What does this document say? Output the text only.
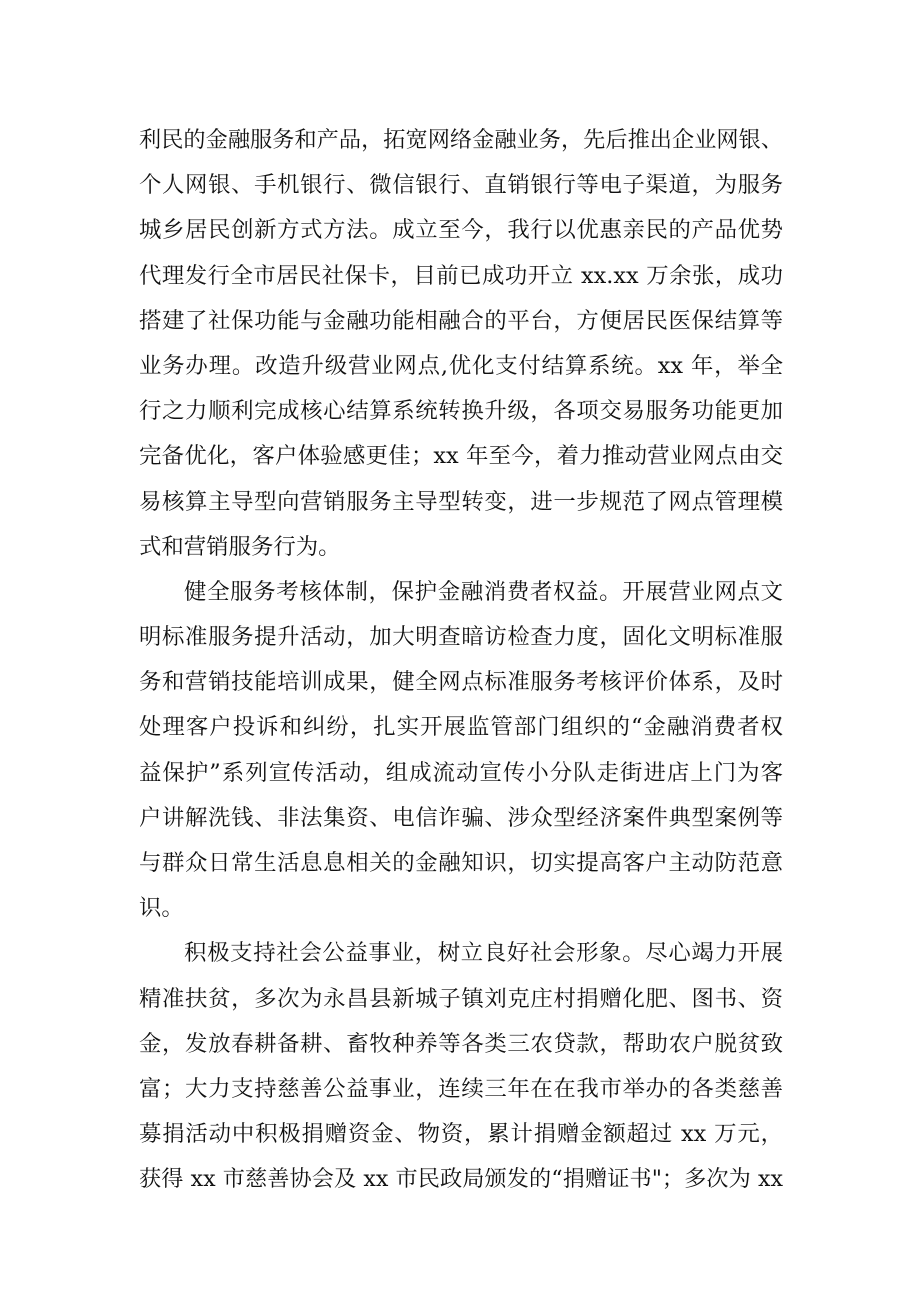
利民的金融服务和产品，拓宽网络金融业务，先后推出企业网银、
个人网银、手机银行、微信银行、直销银行等电子渠道，为服务
城乡居民创新方式方法。成立至今，我行以优惠亲民的产品优势
代理发行全市居民社保卡，目前已成功开立 xx.xx 万余张，成功
搭建了社保功能与金融功能相融合的平台，方便居民医保结算等
业务办理。改造升级营业网点,优化支付结算系统。xx 年，举全
行之力顺利完成核心结算系统转换升级，各项交易服务功能更加
完备优化，客户体验感更佳；xx 年至今，着力推动营业网点由交
易核算主导型向营销服务主导型转变，进一步规范了网点管理模
式和营销服务行为。
健全服务考核体制，保护金融消费者权益。开展营业网点文
明标准服务提升活动，加大明查暗访检查力度，固化文明标准服
务和营销技能培训成果，健全网点标准服务考核评价体系，及时
处理客户投诉和纠纷，扎实开展监管部门组织的“金融消费者权
益保护”系列宣传活动，组成流动宣传小分队走街进店上门为客
户讲解洗钱、非法集资、电信诈骗、涉众型经济案件典型案例等
与群众日常生活息息相关的金融知识，切实提高客户主动防范意
识。
积极支持社会公益事业，树立良好社会形象。尽心竭力开展
精准扶贫，多次为永昌县新城子镇刘克庄村捐赠化肥、图书、资
金，发放春耕备耕、畜牧种养等各类三农贷款，帮助农户脱贫致
富；大力支持慈善公益事业，连续三年在在我市举办的各类慈善
募捐活动中积极捐赠资金、物资，累计捐赠金额超过 xx 万元，
获得 xx 市慈善协会及 xx 市民政局颁发的“捐赠证书"；多次为 xx
